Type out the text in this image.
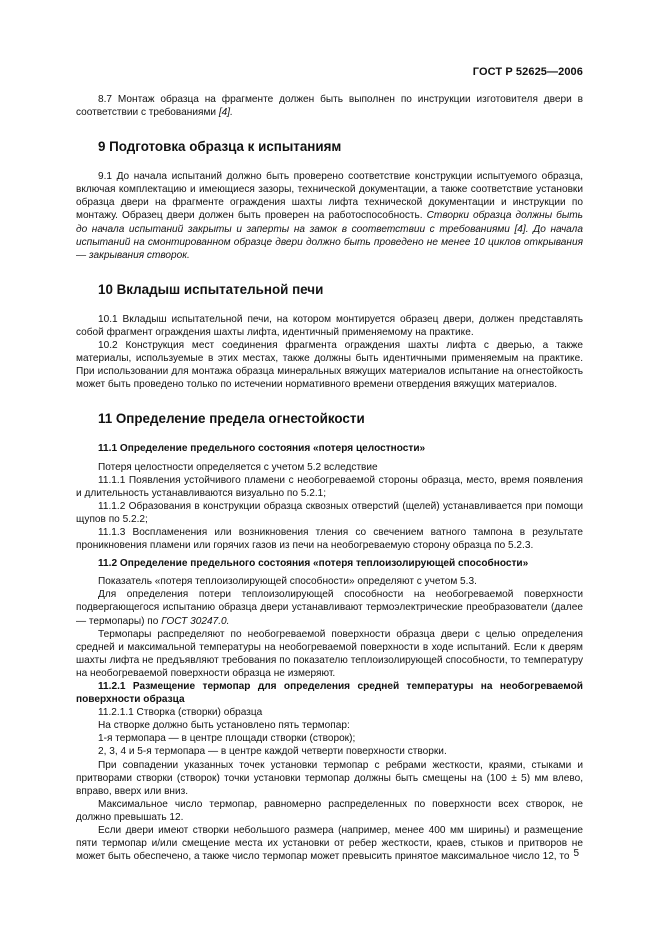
ГОСТ Р 52625—2006

8.7 Монтаж образца на фрагменте должен быть выполнен по инструкции изготовителя двери в соответствии с требованиями [4].

9 Подготовка образца к испытаниям

9.1 До начала испытаний должно быть проверено соответствие конструкции испытуемого образца, включая комплектацию и имеющиеся зазоры, технической документации, а также соответствие установки образца двери на фрагменте ограждения шахты лифта технической документации и инструкции по монтажу. Образец двери должен быть проверен на работоспособность. Створки образца должны быть до начала испытаний закрыты и заперты на замок в соответствии с требованиями [4]. До начала испытаний на смонтированном образце двери должно быть проведено не менее 10 циклов открывания — закрывания створок.

10 Вкладыш испытательной печи

10.1 Вкладыш испытательной печи, на котором монтируется образец двери, должен представлять собой фрагмент ограждения шахты лифта, идентичный применяемому на практике.

10.2 Конструкция мест соединения фрагмента ограждения шахты лифта с дверью, а также материалы, используемые в этих местах, также должны быть идентичными применяемым на практике. При использовании для монтажа образца минеральных вяжущих материалов испытание на огнестойкость может быть проведено только по истечении нормативного времени отвердения вяжущих материалов.

11 Определение предела огнестойкости

11.1 Определение предельного состояния «потеря целостности»

Потеря целостности определяется с учетом 5.2 вследствие

11.1.1 Появления устойчивого пламени с необогреваемой стороны образца, место, время появления и длительность устанавливаются визуально по 5.2.1;

11.1.2 Образования в конструкции образца сквозных отверстий (щелей) устанавливается при помощи щупов по 5.2.2;

11.1.3 Воспламенения или возникновения тления со свечением ватного тампона в результате проникновения пламени или горячих газов из печи на необогреваемую сторону образца по 5.2.3.

11.2 Определение предельного состояния «потеря теплоизолирующей способности»

Показатель «потеря теплоизолирующей способности» определяют с учетом 5.3.

Для определения потери теплоизолирующей способности на необогреваемой поверхности подвергающегося испытанию образца двери устанавливают термоэлектрические преобразователи (далее — термопары) по ГОСТ 30247.0.

Термопары распределяют по необогреваемой поверхности образца двери с целью определения средней и максимальной температуры на необогреваемой поверхности в ходе испытаний. Если к дверям шахты лифта не предъявляют требования по показателю теплоизолирующей способности, то температуру на необогреваемой поверхности образца не измеряют.

11.2.1 Размещение термопар для определения средней температуры на необогреваемой поверхности образца

11.2.1.1 Створка (створки) образца

На створке должно быть установлено пять термопар:

1-я термопара — в центре площади створки (створок);

2, 3, 4 и 5-я термопара — в центре каждой четверти поверхности створки.

При совпадении указанных точек установки термопар с ребрами жесткости, краями, стыками и притворами створки (створок) точки установки термопар должны быть смещены на (100 ± 5) мм влево, вправо, вверх или вниз.

Максимальное число термопар, равномерно распределенных по поверхности всех створок, не должно превышать 12.

Если двери имеют створки небольшого размера (например, менее 400 мм ширины) и размещение пяти термопар и/или смещение места их установки от ребер жесткости, краев, стыков и притворов не может быть обеспечено, а также число термопар может превысить принятое максимальное число 12, то 5
